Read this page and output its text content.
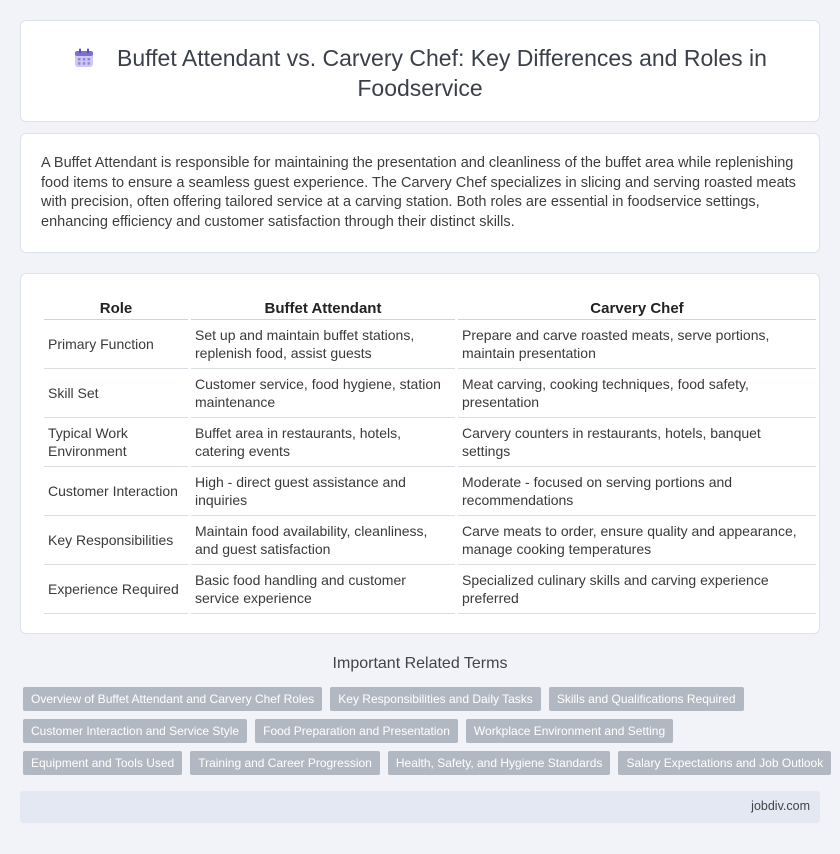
Buffet Attendant vs. Carvery Chef: Key Differences and Roles in Foodservice

A Buffet Attendant is responsible for maintaining the presentation and cleanliness of the buffet area while replenishing food items to ensure a seamless guest experience. The Carvery Chef specializes in slicing and serving roasted meats with precision, often offering tailored service at a carving station. Both roles are essential in foodservice settings, enhancing efficiency and customer satisfaction through their distinct skills.

Role	Buffet Attendant	Carvery Chef
Primary Function	Set up and maintain buffet stations, replenish food, assist guests	Prepare and carve roasted meats, serve portions, maintain presentation
Skill Set	Customer service, food hygiene, station maintenance	Meat carving, cooking techniques, food safety, presentation
Typical Work Environment	Buffet area in restaurants, hotels, catering events	Carvery counters in restaurants, hotels, banquet settings
Customer Interaction	High - direct guest assistance and inquiries	Moderate - focused on serving portions and recommendations
Key Responsibilities	Maintain food availability, cleanliness, and guest satisfaction	Carve meats to order, ensure quality and appearance, manage cooking temperatures
Experience Required	Basic food handling and customer service experience	Specialized culinary skills and carving experience preferred
Important Related Terms
Overview of Buffet Attendant and Carvery Chef Roles	Key Responsibilities and Daily Tasks	Skills and Qualifications Required
Customer Interaction and Service Style	Food Preparation and Presentation	Workplace Environment and Setting
Equipment and Tools Used	Training and Career Progression	Health, Safety, and Hygiene Standards	Salary Expectations and Job Outlook
jobdiv.com
